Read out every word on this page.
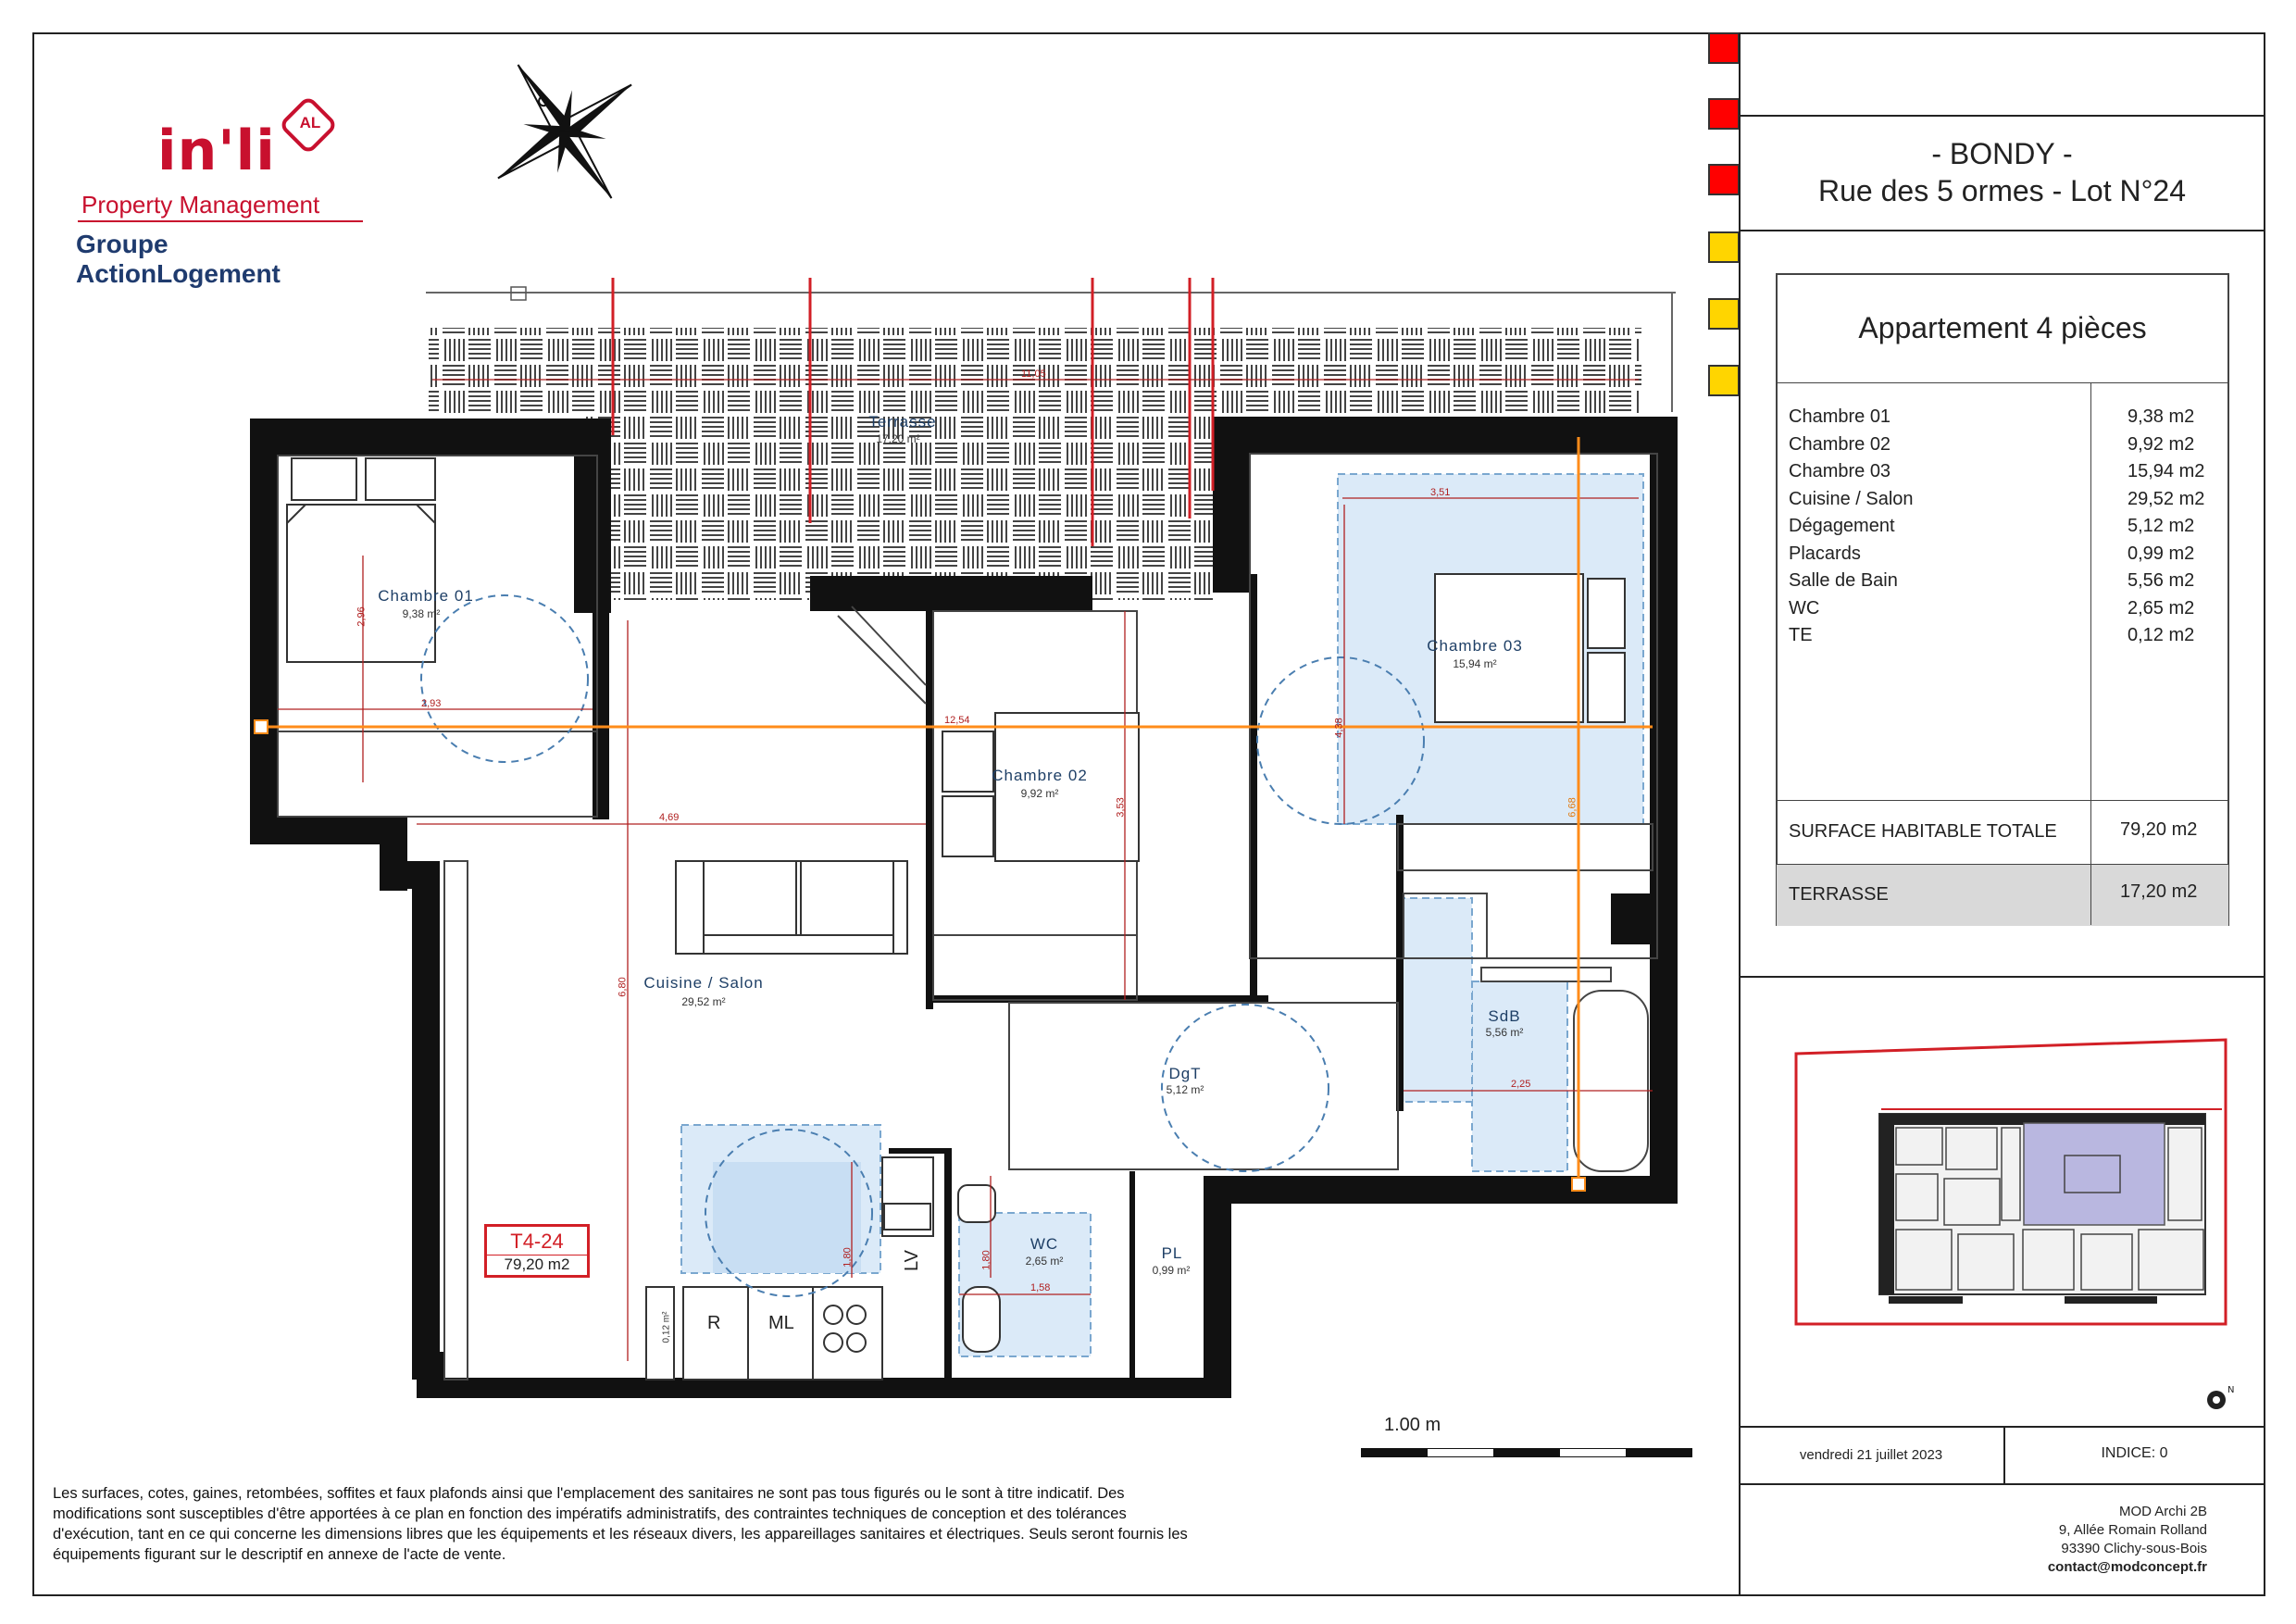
in'li	AL
Property Management
Groupe ActionLogement
Chambre 01
9,38 m²
Terrasse
17,20 m²
Chambre 02
9,92 m²
Chambre 03
15,94 m²
Cuisine / Salon
29,52 m²
DgT
5,12 m²
SdB
5,56 m²
WC
2,65 m²	PL
0,99 m²
0,12 m² R	ML
LV
11,05
2,93
2,96
4,69
6,80
3,53
12,54
3,51
4,38
6,68
2,25
1,58
1,80
1,80
T4-24
79,20 m2
1.00 m
Les surfaces, cotes, gaines, retombées, soffites et faux plafonds ainsi que l'emplacement des sanitaires ne sont pas tous figurés ou le sont à titre indicatif. Des modifications sont susceptibles d'être apportées à ce plan en fonction des impératifs administratifs, des contraintes techniques de conception et des tolérances d'exécution, tant en ce qui concerne les dimensions libres que les équipements et les réseaux divers, les appareillages sanitaires et électriques. Seuls seront fournis les équipements figurant sur le descriptif en annexe de l'acte de vente.
- BONDY -
Rue des 5 ormes - Lot N°24
Appartement 4 pièces
Chambre 01	9,38 m2
Chambre 02	9,92 m2
Chambre 03	15,94 m2
Cuisine / Salon	29,52 m2
Dégagement	5,12 m2
Placards	0,99 m2
Salle de Bain	5,56 m2
WC	2,65 m2
TE	0,12 m2
SURFACE HABITABLE TOTALE	79,20 m2
TERRASSE	17,20 m2
N
vendredi 21 juillet 2023	INDICE: 0
MOD Archi 2B
9, Allée Romain Rolland
93390 Clichy-sous-Bois
contact@modconcept.fr
